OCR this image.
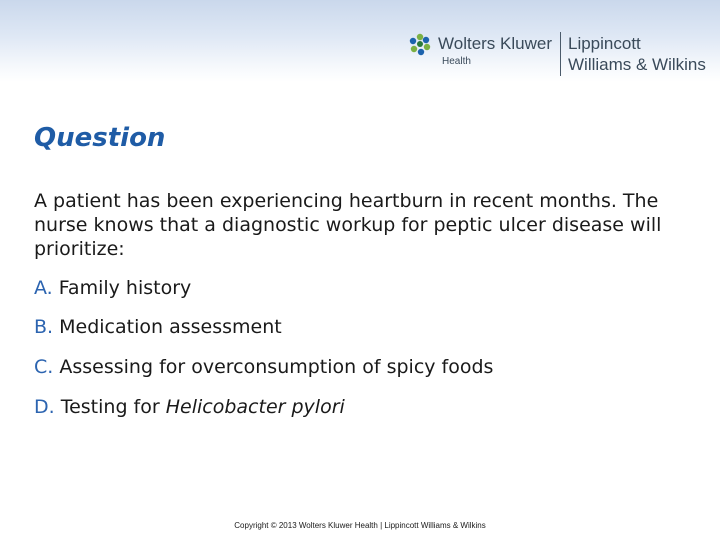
Wolters Kluwer
Health
Lippincott
Williams & Wilkins
Question

A patient has been experiencing heartburn in recent months. The nurse knows that a diagnostic workup for peptic ulcer disease will prioritize:

A. Family history
B. Medication assessment
C. Assessing for overconsumption of spicy foods
D. Testing for Helicobacter pylori
Copyright © 2013 Wolters Kluwer Health | Lippincott Williams & Wilkins
